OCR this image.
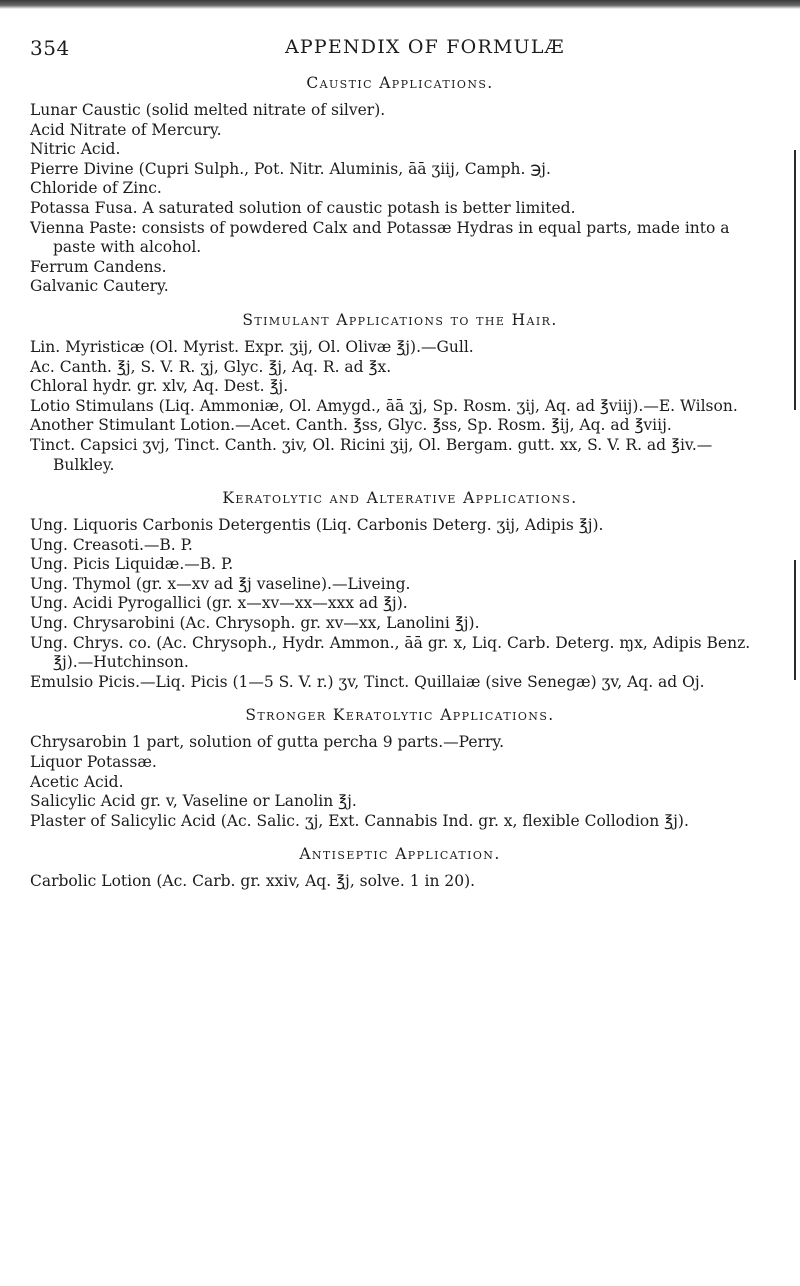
354	APPENDIX OF FORMULÆ
Caustic Applications.
Lunar Caustic (solid melted nitrate of silver).
Acid Nitrate of Mercury.
Nitric Acid.
Pierre Divine (Cupri Sulph., Pot. Nitr. Aluminis, āā ʒiij, Camph. ℈j.
Chloride of Zinc.
Potassa Fusa. A saturated solution of caustic potash is better limited.
Vienna Paste: consists of powdered Calx and Potassæ Hydras in equal parts, made into a paste with alcohol.
Ferrum Candens.
Galvanic Cautery.
Stimulant Applications to the Hair.
Lin. Myristicæ (Ol. Myrist. Expr. ʒij, Ol. Olivæ ℥j).—Gull.
Ac. Canth. ℥j, S. V. R. ʒj, Glyc. ℥j, Aq. R. ad ℥x.
Chloral hydr. gr. xlv, Aq. Dest. ℥j.
Lotio Stimulans (Liq. Ammoniæ, Ol. Amygd., āā ʒj, Sp. Rosm. ʒij, Aq. ad ℥viij).—E. Wilson.
Another Stimulant Lotion.—Acet. Canth. ℥ss, Glyc. ℥ss, Sp. Rosm. ℥ij, Aq. ad ℥viij.
Tinct. Capsici ʒvj, Tinct. Canth. ʒiv, Ol. Ricini ʒij, Ol. Bergam. gutt. xx, S. V. R. ad ℥iv.—Bulkley.
Keratolytic and Alterative Applications.
Ung. Liquoris Carbonis Detergentis (Liq. Carbonis Deterg. ʒij, Adipis ℥j).
Ung. Creasoti.—B. P.
Ung. Picis Liquidæ.—B. P.
Ung. Thymol (gr. x—xv ad ℥j vaseline).—Liveing.
Ung. Acidi Pyrogallici (gr. x—xv—xx—xxx ad ℥j).
Ung. Chrysarobini (Ac. Chrysoph. gr. xv—xx, Lanolini ℥j).
Ung. Chrys. co. (Ac. Chrysoph., Hydr. Ammon., āā gr. x, Liq. Carb. Deterg. ɱx, Adipis Benz. ℥j).—Hutchinson.
Emulsio Picis.—Liq. Picis (1—5 S. V. r.) ʒv, Tinct. Quillaiæ (sive Senegæ) ʒv, Aq. ad Oj.
Stronger Keratolytic Applications.
Chrysarobin 1 part, solution of gutta percha 9 parts.—Perry.
Liquor Potassæ.
Acetic Acid.
Salicylic Acid gr. v, Vaseline or Lanolin ℥j.
Plaster of Salicylic Acid (Ac. Salic. ʒj, Ext. Cannabis Ind. gr. x, flexible Collodion ℥j).
Antiseptic Application.
Carbolic Lotion (Ac. Carb. gr. xxiv, Aq. ℥j, solve. 1 in 20).
